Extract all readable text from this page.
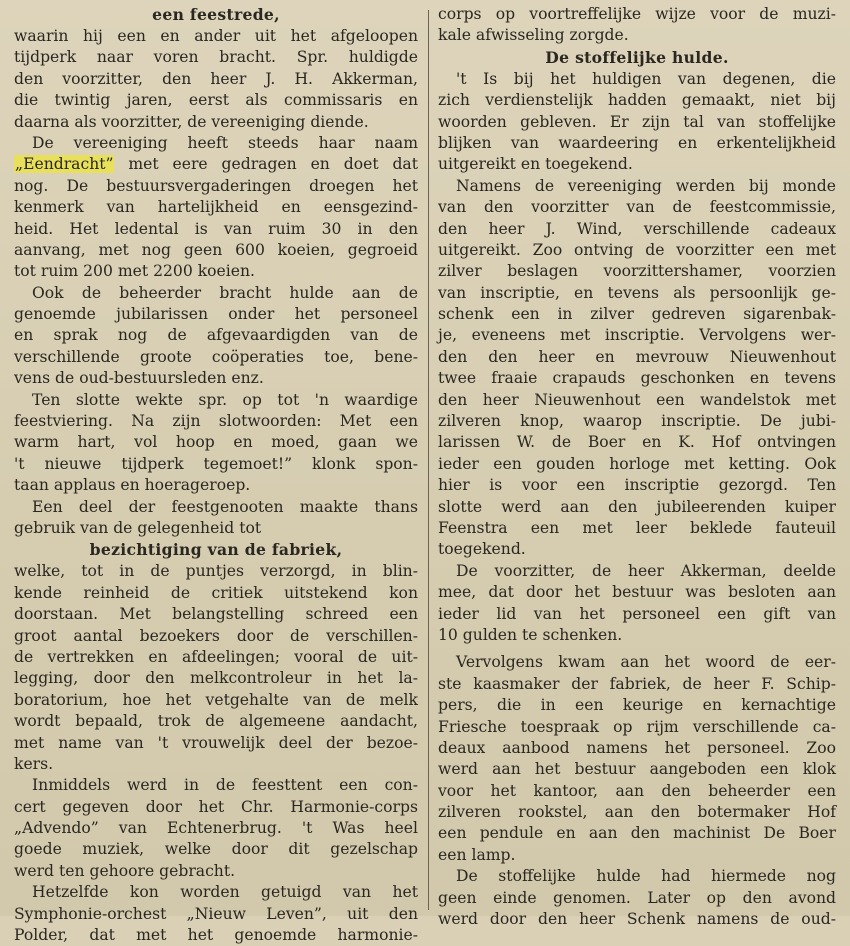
een feestrede,
waarin hij een en ander uit het afgeloopen
tijdperk naar voren bracht. Spr. huldigde
den voorzitter, den heer J. H. Akkerman,
die twintig jaren, eerst als commissaris en
daarna als voorzitter, de vereeniging diende.
De vereeniging heeft steeds haar naam
„Eendracht” met eere gedragen en doet dat
nog. De bestuursvergaderingen droegen het
kenmerk van hartelijkheid en eensgezind-
heid. Het ledental is van ruim 30 in den
aanvang, met nog geen 600 koeien, gegroeid
tot ruim 200 met 2200 koeien.
Ook de beheerder bracht hulde aan de
genoemde jubilarissen onder het personeel
en sprak nog de afgevaardigden van de
verschillende groote coöperaties toe, bene-
vens de oud-bestuursleden enz.
Ten slotte wekte spr. op tot 'n waardige
feestviering. Na zijn slotwoorden: Met een
warm hart, vol hoop en moed, gaan we
't nieuwe tijdperk tegemoet!” klonk spon-
taan applaus en hoerageroep.
Een deel der feestgenooten maakte thans
gebruik van de gelegenheid tot
bezichtiging van de fabriek,
welke, tot in de puntjes verzorgd, in blin-
kende reinheid de critiek uitstekend kon
doorstaan. Met belangstelling schreed een
groot aantal bezoekers door de verschillen-
de vertrekken en afdeelingen; vooral de uit-
legging, door den melkcontroleur in het la-
boratorium, hoe het vetgehalte van de melk
wordt bepaald, trok de algemeene aandacht,
met name van 't vrouwelijk deel der bezoe-
kers.
Inmiddels werd in de feesttent een con-
cert gegeven door het Chr. Harmonie-corps
„Advendo” van Echtenerbrug. 't Was heel
goede muziek, welke door dit gezelschap
werd ten gehoore gebracht.
Hetzelfde kon worden getuigd van het
Symphonie-orchest „Nieuw Leven”, uit den
Polder, dat met het genoemde harmonie-
corps op voortreffelijke wijze voor de muzi-
kale afwisseling zorgde.
De stoffelijke hulde.
't Is bij het huldigen van degenen, die
zich verdienstelijk hadden gemaakt, niet bij
woorden gebleven. Er zijn tal van stoffelijke
blijken van waardeering en erkentelijkheid
uitgereikt en toegekend.
Namens de vereeniging werden bij monde
van den voorzitter van de feestcommissie,
den heer J. Wind, verschillende cadeaux
uitgereikt. Zoo ontving de voorzitter een met
zilver beslagen voorzittershamer, voorzien
van inscriptie, en tevens als persoonlijk ge-
schenk een in zilver gedreven sigarenbak-
je, eveneens met inscriptie. Vervolgens wer-
den den heer en mevrouw Nieuwenhout
twee fraaie crapauds geschonken en tevens
den heer Nieuwenhout een wandelstok met
zilveren knop, waarop inscriptie. De jubi-
larissen W. de Boer en K. Hof ontvingen
ieder een gouden horloge met ketting. Ook
hier is voor een inscriptie gezorgd. Ten
slotte werd aan den jubileerenden kuiper
Feenstra een met leer beklede fauteuil
toegekend.
De voorzitter, de heer Akkerman, deelde
mee, dat door het bestuur was besloten aan
ieder lid van het personeel een gift van
10 gulden te schenken.
Vervolgens kwam aan het woord de eer-
ste kaasmaker der fabriek, de heer F. Schip-
pers, die in een keurige en kernachtige
Friesche toespraak op rijm verschillende ca-
deaux aanbood namens het personeel. Zoo
werd aan het bestuur aangeboden een klok
voor het kantoor, aan den beheerder een
zilveren rookstel, aan den botermaker Hof
een pendule en aan den machinist De Boer
een lamp.
De stoffelijke hulde had hiermede nog
geen einde genomen. Later op den avond
werd door den heer Schenk namens de oud-
